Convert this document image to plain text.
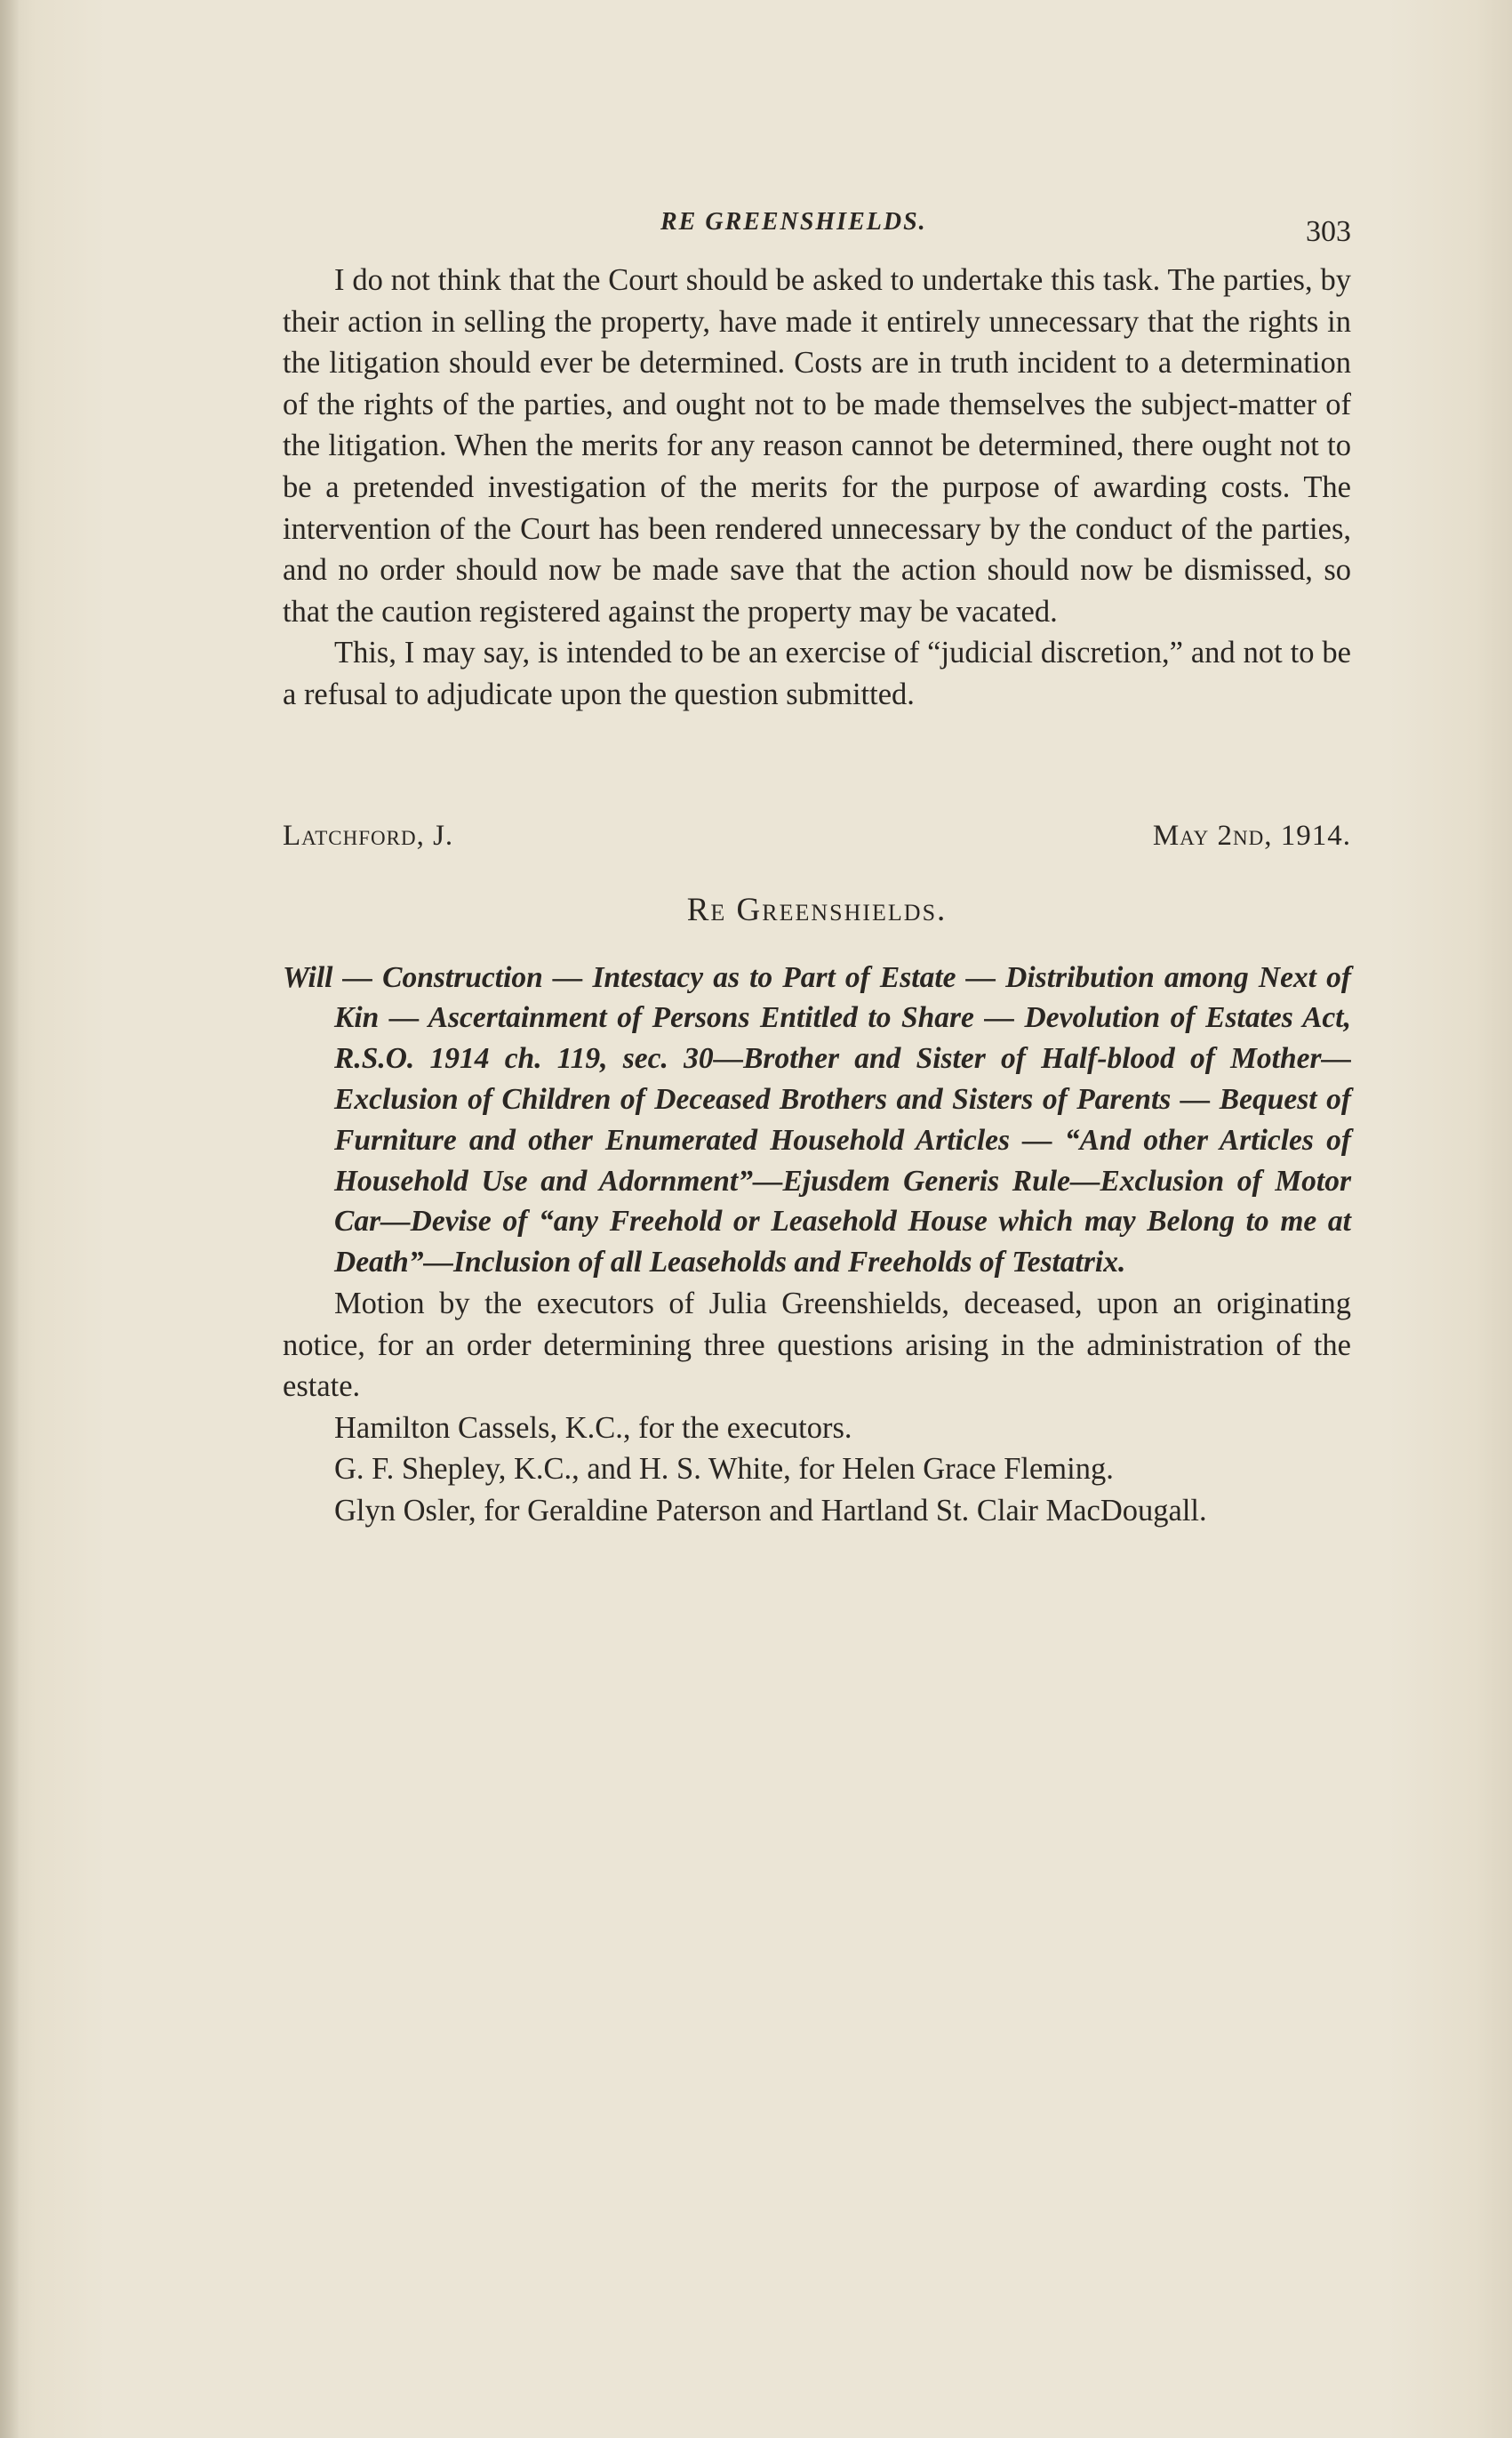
RE GREENSHIELDS.	303

I do not think that the Court should be asked to undertake this task. The parties, by their action in selling the property, have made it entirely unnecessary that the rights in the litigation should ever be determined. Costs are in truth incident to a determination of the rights of the parties, and ought not to be made themselves the subject-matter of the litigation. When the merits for any reason cannot be determined, there ought not to be a pretended investigation of the merits for the purpose of awarding costs. The intervention of the Court has been rendered unnecessary by the conduct of the parties, and no order should now be made save that the action should now be dismissed, so that the caution registered against the property may be vacated.

This, I may say, is intended to be an exercise of “judicial discretion,” and not to be a refusal to adjudicate upon the question submitted.

Latchford, J.	May 2nd, 1914.
Re Greenshields.

Will — Construction — Intestacy as to Part of Estate — Distribution among Next of Kin — Ascertainment of Persons Entitled to Share — Devolution of Estates Act, R.S.O. 1914 ch. 119, sec. 30—Brother and Sister of Half-blood of Mother—Exclusion of Children of Deceased Brothers and Sisters of Parents — Bequest of Furniture and other Enumerated Household Articles — “And other Articles of Household Use and Adornment”—Ejusdem Generis Rule—Exclusion of Motor Car—Devise of “any Freehold or Leasehold House which may Belong to me at Death”—Inclusion of all Leaseholds and Freeholds of Testatrix.

Motion by the executors of Julia Greenshields, deceased, upon an originating notice, for an order determining three questions arising in the administration of the estate.

Hamilton Cassels, K.C., for the executors.

G. F. Shepley, K.C., and H. S. White, for Helen Grace Fleming.

Glyn Osler, for Geraldine Paterson and Hartland St. Clair MacDougall.
